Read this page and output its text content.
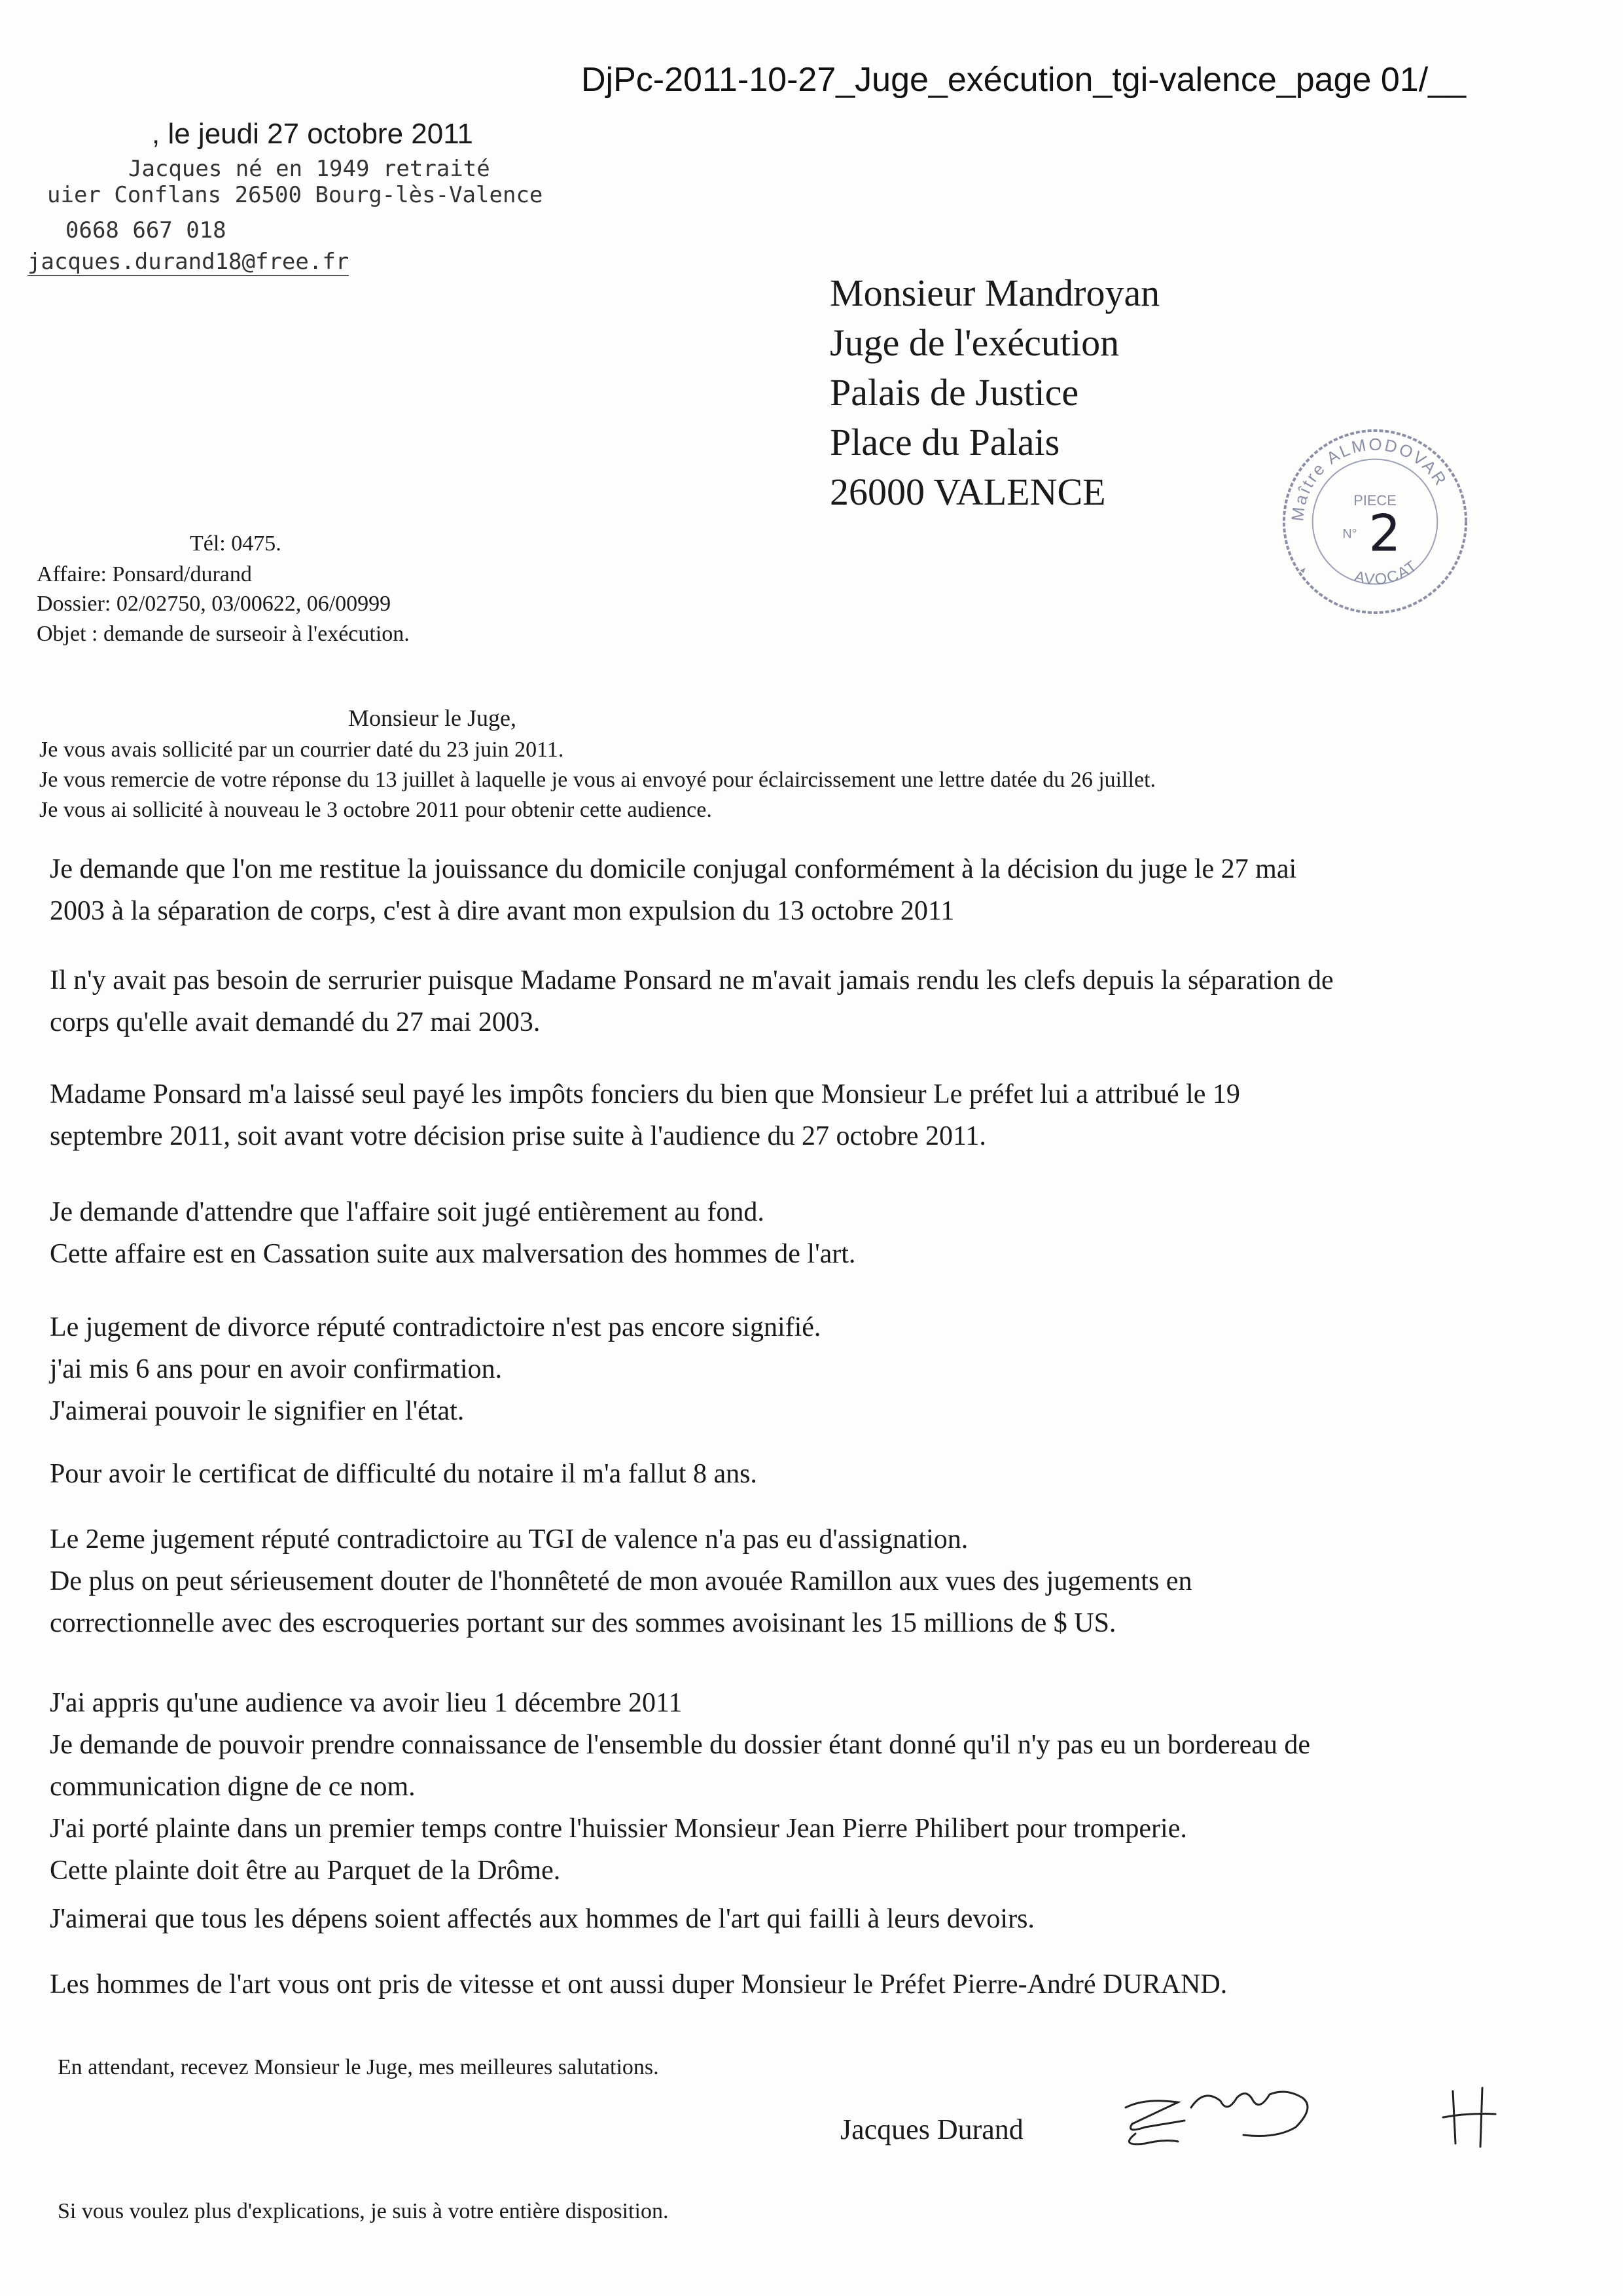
DjPc-2011-10-27_Juge_exécution_tgi-valence_page 01/__
, le jeudi 27 octobre 2011
Jacques né en 1949 retraité
uier Conflans 26500 Bourg-lès-Valence
0668 667 018
jacques.durand18@free.fr
Monsieur Mandroyan
Juge de l'exécution
Palais de Justice
Place du Palais
26000 VALENCE
Maître ALMODOVAR
AVOCAT
PIECE
N° 2
Tél: 0475.
Affaire: Ponsard/durand
Dossier: 02/02750, 03/00622, 06/00999
Objet : demande de surseoir à l'exécution.
Monsieur le Juge,
Je vous avais sollicité par un courrier daté du 23 juin 2011.
Je vous remercie de votre réponse du 13 juillet à laquelle je vous ai envoyé pour éclaircissement une lettre datée du 26 juillet.
Je vous ai sollicité à nouveau le 3 octobre 2011 pour obtenir cette audience.
Je demande que l'on me restitue la jouissance du domicile conjugal conformément à la décision du juge le 27 mai
2003 à la séparation de corps, c'est à dire avant mon expulsion du 13 octobre 2011
Il n'y avait pas besoin de serrurier puisque Madame Ponsard ne m'avait jamais rendu les clefs depuis la séparation de
corps qu'elle avait demandé du 27 mai 2003.
Madame Ponsard m'a laissé seul payé les impôts fonciers du bien que Monsieur Le préfet lui a attribué le 19
septembre 2011, soit avant votre décision prise suite à l'audience du 27 octobre 2011.
Je demande d'attendre que l'affaire soit jugé entièrement au fond.
Cette affaire est en Cassation suite aux malversation des hommes de l'art.
Le jugement de divorce réputé contradictoire n'est pas encore signifié.
j'ai mis 6 ans pour en avoir confirmation.
J'aimerai pouvoir le signifier en l'état.
Pour avoir le certificat de difficulté du notaire il m'a fallut 8 ans.
Le 2eme jugement réputé contradictoire au TGI de valence n'a pas eu d'assignation.
De plus on peut sérieusement douter de l'honnêteté de mon avouée Ramillon aux vues des jugements en
correctionnelle avec des escroqueries portant sur des sommes avoisinant les 15 millions de $ US.
J'ai appris qu'une audience va avoir lieu 1 décembre 2011
Je demande de pouvoir prendre connaissance de l'ensemble du dossier étant donné qu'il n'y pas eu un bordereau de
communication digne de ce nom.
J'ai porté plainte dans un premier temps contre l'huissier Monsieur Jean Pierre Philibert pour tromperie.
Cette plainte doit être au Parquet de la Drôme.
J'aimerai que tous les dépens soient affectés aux hommes de l'art qui failli à leurs devoirs.
Les hommes de l'art vous ont pris de vitesse et ont aussi duper Monsieur le Préfet Pierre-André DURAND.
En attendant, recevez Monsieur le Juge, mes meilleures salutations.
Jacques Durand
Si vous voulez plus d'explications, je suis à votre entière disposition.
